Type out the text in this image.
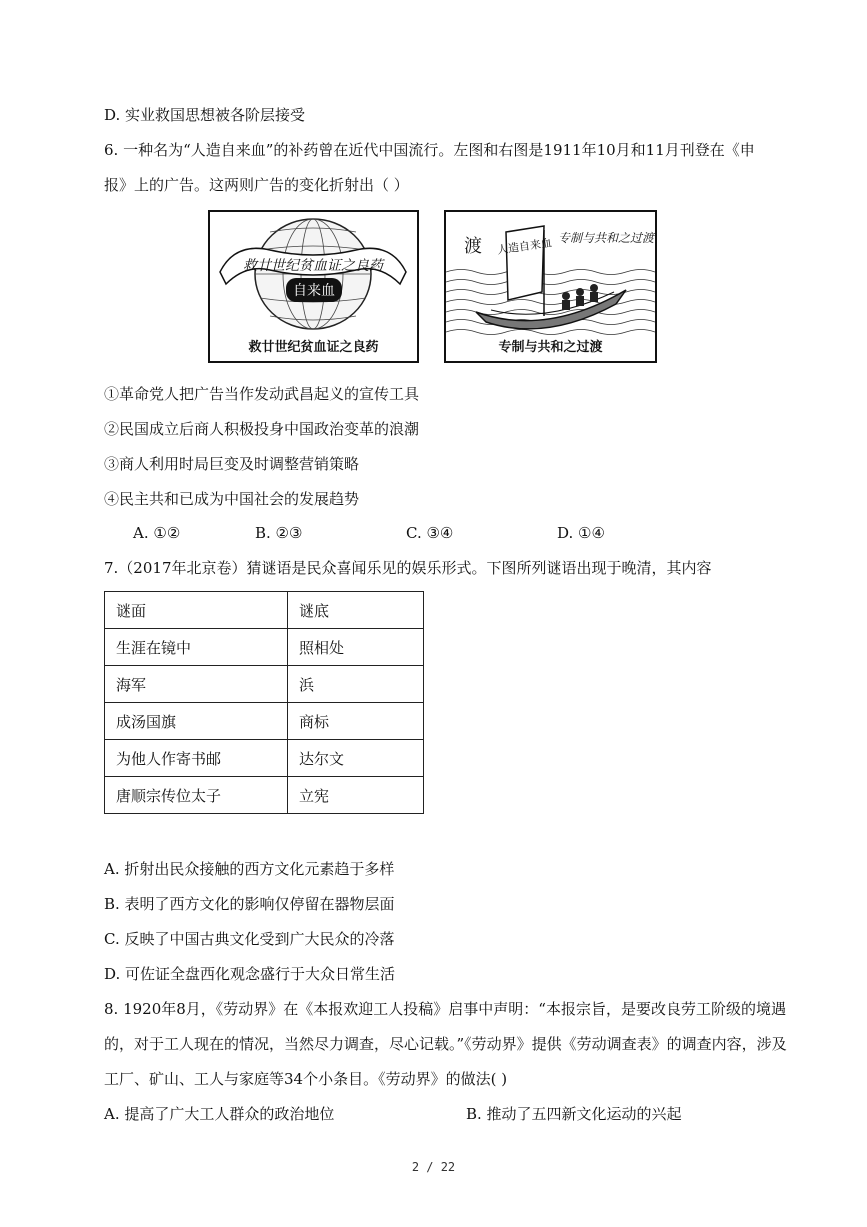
D. 实业救国思想被各阶层接受
6. 一种名为“人造自来血”的补药曾在近代中国流行。左图和右图是1911年10月和11月刊登在《申
报》上的广告。这两则广告的变化折射出（ ）
救廿世纪贫血证之良药
自来血
救廿世纪贫血证之良药
人造自来血
渡	专制与共和之过渡
专制与共和之过渡
①革命党人把广告当作发动武昌起义的宣传工具
②民国成立后商人积极投身中国政治变革的浪潮
③商人利用时局巨变及时调整营销策略
④民主共和已成为中国社会的发展趋势
A. ①②	B. ②③	C. ③④	D. ①④
7.（2017年北京卷）猜谜语是民众喜闻乐见的娱乐形式。下图所列谜语出现于晚清，其内容
谜面	谜底
生涯在镜中	照相处
海军	浜
成汤国旗	商标
为他人作寄书邮	达尔文
唐顺宗传位太子	立宪
A. 折射出民众接触的西方文化元素趋于多样
B. 表明了西方文化的影响仅停留在器物层面
C. 反映了中国古典文化受到广大民众的冷落
D. 可佐证全盘西化观念盛行于大众日常生活
8. 1920年8月，《劳动界》在《本报欢迎工人投稿》启事中声明：“本报宗旨，是要改良劳工阶级的境遇
的，对于工人现在的情况，当然尽力调查，尽心记载。”《劳动界》提供《劳动调查表》的调查内容，涉及
工厂、矿山、工人与家庭等34个小条目。《劳动界》的做法( )
A. 提高了广大工人群众的政治地位	B. 推动了五四新文化运动的兴起
2 / 22
